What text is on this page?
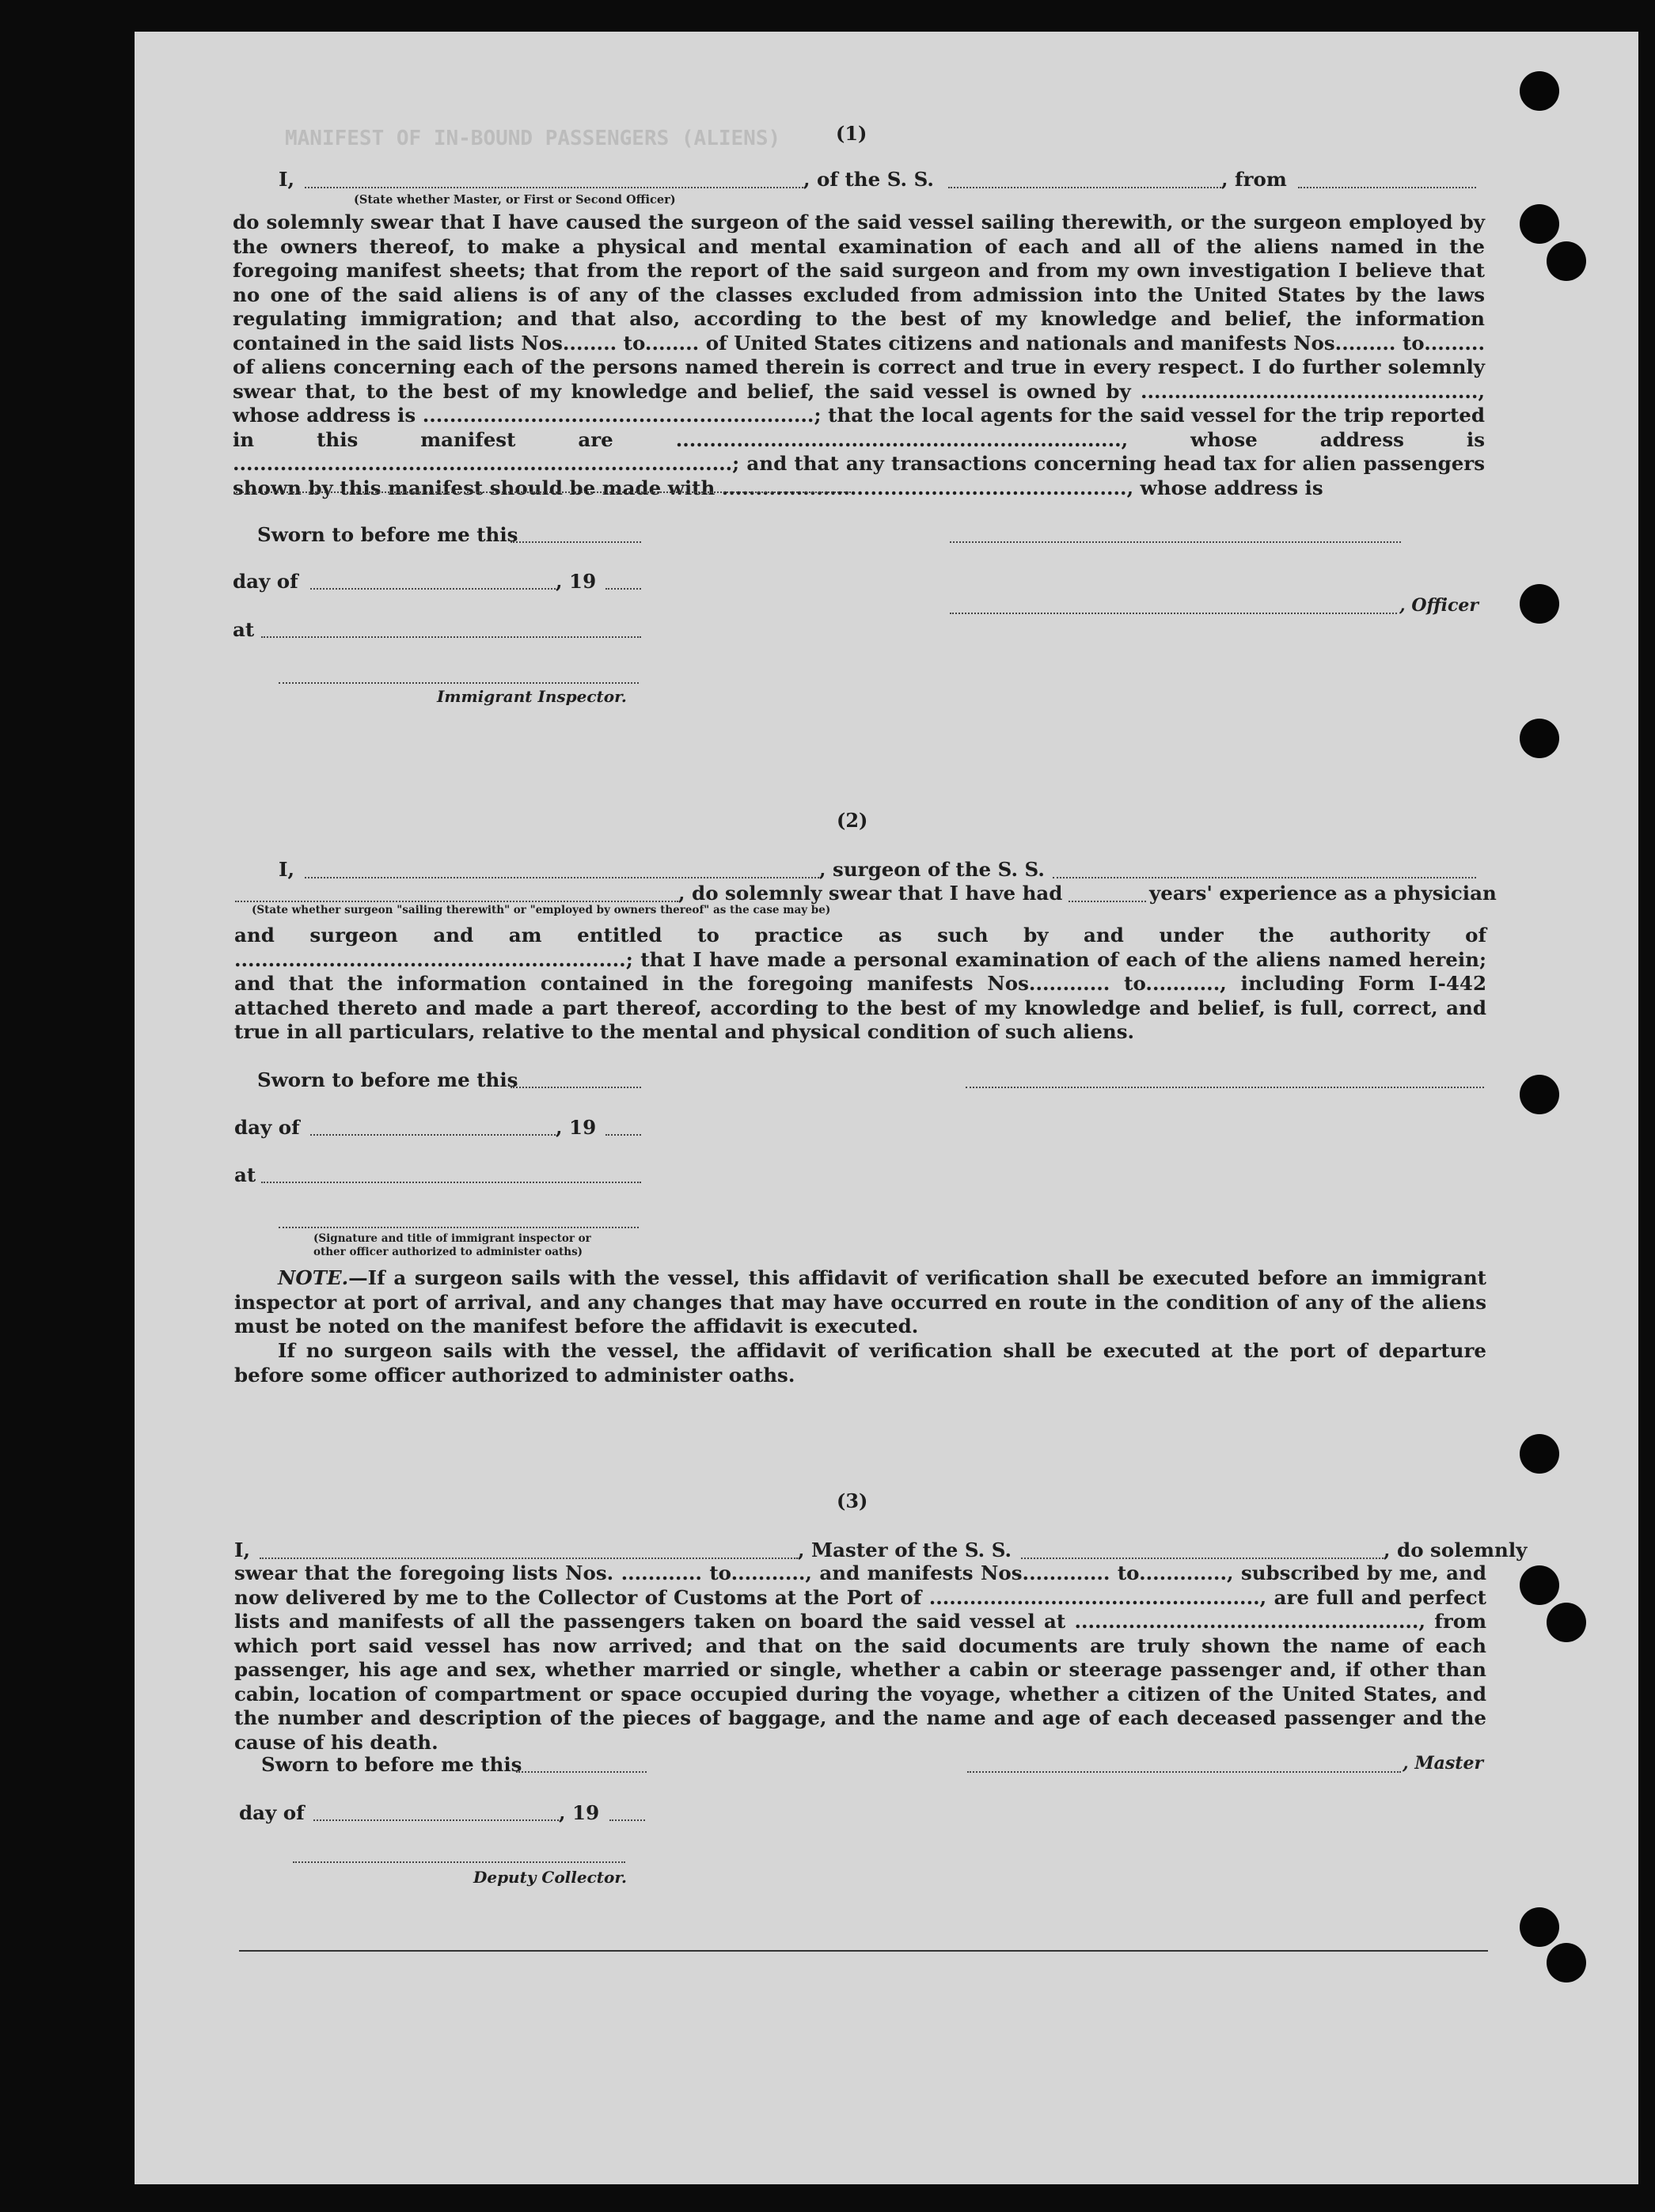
MANIFEST OF IN-BOUND PASSENGERS (ALIENS)	(1)
I,	, of the S. S.	, from
(State whether Master, or First or Second Officer)
do solemnly swear that I have caused the surgeon of the said vessel sailing therewith, or the surgeon employed by the owners thereof, to make a physical and mental examination of each and all of the aliens named in the foregoing manifest sheets; that from the report of the said surgeon and from my own investigation I believe that no one of the said aliens is of any of the classes excluded from admission into the United States by the laws regulating immigration; and that also, according to the best of my knowledge and belief, the information contained in the said lists Nos........ to........ of United States citizens and nationals and manifests Nos......... to......... of aliens concerning each of the persons named therein is correct and true in every respect. I do further solemnly swear that, to the best of my knowledge and belief, the said vessel is owned by .................................................., whose address is ..........................................................; that the local agents for the said vessel for the trip reported in this manifest are .................................................................., whose address is ..........................................................................; and that any transactions concerning head tax for alien passengers shown by this manifest should be made with ............................................................, whose address is
Sworn to before me this
day of	, 19
, Officer
at
Immigrant Inspector.
(2)
I,	, surgeon of the S. S.
, do solemnly swear that I have had	years' experience as a physician
(State whether surgeon "sailing therewith" or "employed by owners thereof" as the case may be)
and surgeon and am entitled to practice as such by and under the authority of ..........................................................; that I have made a personal examination of each of the aliens named herein; and that the information contained in the foregoing manifests Nos............ to..........., including Form I-442 attached thereto and made a part thereof, according to the best of my knowledge and belief, is full, correct, and true in all particulars, relative to the mental and physical condition of such aliens.
Sworn to before me this
day of	, 19
at
(Signature and title of immigrant inspector or
other officer authorized to administer oaths)
NOTE.—If a surgeon sails with the vessel, this affidavit of verification shall be executed before an immigrant inspector at port of arrival, and any changes that may have occurred en route in the condition of any of the aliens must be noted on the manifest before the affidavit is executed.
If no surgeon sails with the vessel, the affidavit of verification shall be executed at the port of departure before some officer authorized to administer oaths.
(3)
I,	, Master of the S. S.	, do solemnly
swear that the foregoing lists Nos. ............ to..........., and manifests Nos............. to............., subscribed by me, and now delivered by me to the Collector of Customs at the Port of ................................................., are full and perfect lists and manifests of all the passengers taken on board the said vessel at ..................................................., from which port said vessel has now arrived; and that on the said documents are truly shown the name of each passenger, his age and sex, whether married or single, whether a cabin or steerage passenger and, if other than cabin, location of compartment or space occupied during the voyage, whether a citizen of the United States, and the number and description of the pieces of baggage, and the name and age of each deceased passenger and the cause of his death.
Sworn to before me this	, Master
day of	, 19
Deputy Collector.
